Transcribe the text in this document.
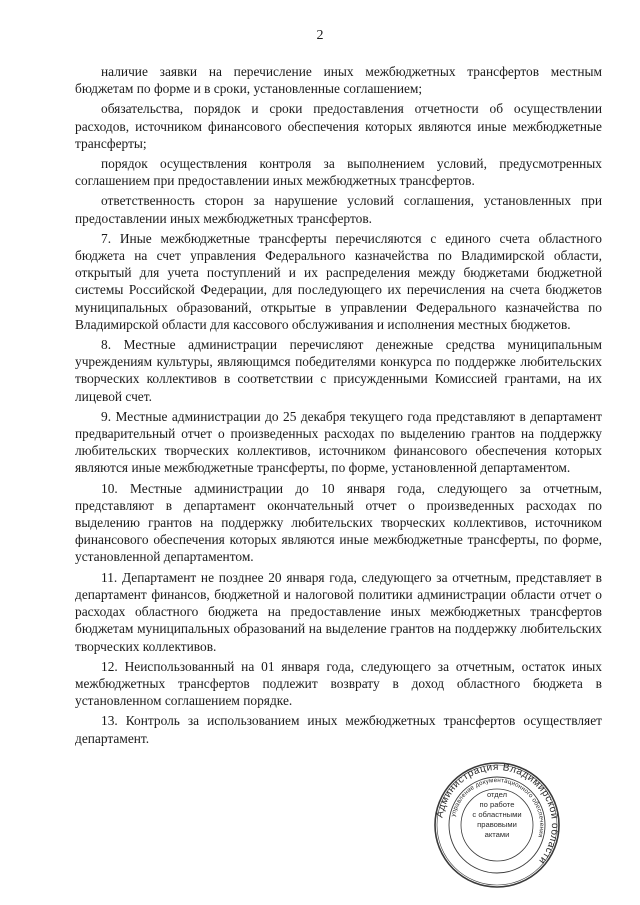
2

наличие заявки на перечисление иных межбюджетных трансфертов местным бюджетам по форме и в сроки, установленные соглашением;

обязательства, порядок и сроки предоставления отчетности об осуществлении расходов, источником финансового обеспечения которых являются иные межбюджетные трансферты;

порядок осуществления контроля за выполнением условий, предусмотренных соглашением при предоставлении иных межбюджетных трансфертов.

ответственность сторон за нарушение условий соглашения, установленных при предоставлении иных межбюджетных трансфертов.

7. Иные межбюджетные трансферты перечисляются с единого счета областного бюджета на счет управления Федерального казначейства по Владимирской области, открытый для учета поступлений и их распределения между бюджетами бюджетной системы Российской Федерации, для последующего их перечисления на счета бюджетов муниципальных образований, открытые в управлении Федерального казначейства по Владимирской области для кассового обслуживания и исполнения местных бюджетов.

8. Местные администрации перечисляют денежные средства муниципальным учреждениям культуры, являющимся победителями конкурса по поддержке любительских творческих коллективов в соответствии с присужденными Комиссией грантами, на их лицевой счет.

9. Местные администрации до 25 декабря текущего года представляют в департамент предварительный отчет о произведенных расходах по выделению грантов на поддержку любительских творческих коллективов, источником финансового обеспечения которых являются иные межбюджетные трансферты, по форме, установленной департаментом.

10. Местные администрации до 10 января года, следующего за отчетным, представляют в департамент окончательный отчет о произведенных расходах по выделению грантов на поддержку любительских творческих коллективов, источником финансового обеспечения которых являются иные межбюджетные трансферты, по форме, установленной департаментом.

11. Департамент не позднее 20 января года, следующего за отчетным, представляет в департамент финансов, бюджетной и налоговой политики администрации области отчет о расходах областного бюджета на предоставление иных межбюджетных трансфертов бюджетам муниципальных образований на выделение грантов на поддержку любительских творческих коллективов.

12. Неиспользованный на 01 января года, следующего за отчетным, остаток иных межбюджетных трансфертов подлежит возврату в доход областного бюджета в установленном соглашением порядке.

13. Контроль за использованием иных межбюджетных трансфертов осуществляет департамент.

Администрация Владимирской области
управление документационного обеспечения
отдел
по работе
с областными
правовыми
актами
